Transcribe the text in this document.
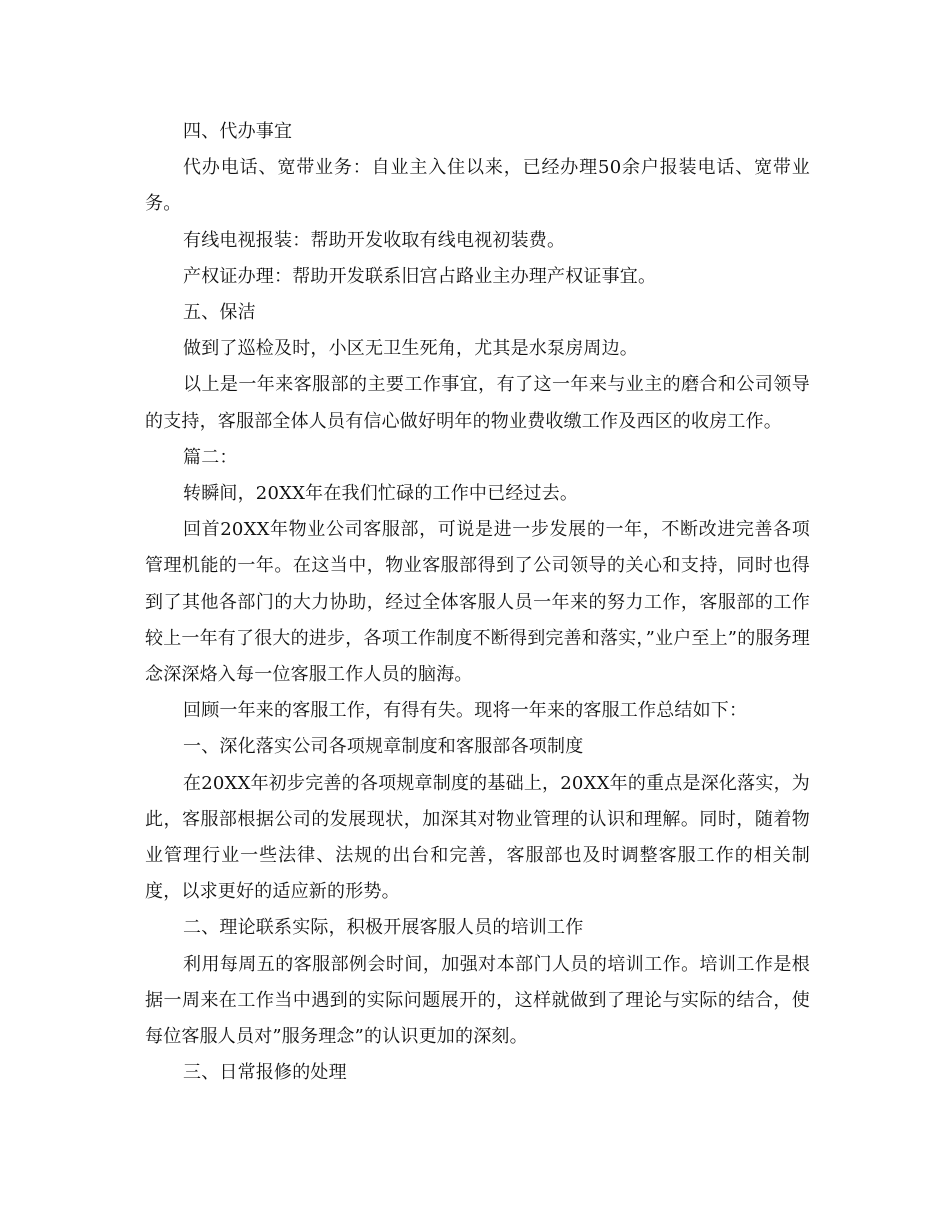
四、代办事宜

代办电话、宽带业务：自业主入住以来，已经办理50余户报装电话、宽带业务。

有线电视报装：帮助开发收取有线电视初装费。

产权证办理：帮助开发联系旧宫占路业主办理产权证事宜。

五、保洁

做到了巡检及时，小区无卫生死角，尤其是水泵房周边。

以上是一年来客服部的主要工作事宜，有了这一年来与业主的磨合和公司领导的支持，客服部全体人员有信心做好明年的物业费收缴工作及西区的收房工作。

篇二：

转瞬间，20XX年在我们忙碌的工作中已经过去。

回首20XX年物业公司客服部，可说是进一步发展的一年，不断改进完善各项管理机能的一年。在这当中，物业客服部得到了公司领导的关心和支持，同时也得到了其他各部门的大力协助，经过全体客服人员一年来的努力工作，客服部的工作较上一年有了很大的进步，各项工作制度不断得到完善和落实，”业户至上”的服务理念深深烙入每一位客服工作人员的脑海。

回顾一年来的客服工作，有得有失。现将一年来的客服工作总结如下：

一、深化落实公司各项规章制度和客服部各项制度

在20XX年初步完善的各项规章制度的基础上，20XX年的重点是深化落实，为此，客服部根据公司的发展现状，加深其对物业管理的认识和理解。同时，随着物业管理行业一些法律、法规的出台和完善，客服部也及时调整客服工作的相关制度，以求更好的适应新的形势。

二、理论联系实际，积极开展客服人员的培训工作

利用每周五的客服部例会时间，加强对本部门人员的培训工作。培训工作是根据一周来在工作当中遇到的实际问题展开的，这样就做到了理论与实际的结合，使每位客服人员对”服务理念”的认识更加的深刻。

三、日常报修的处理
